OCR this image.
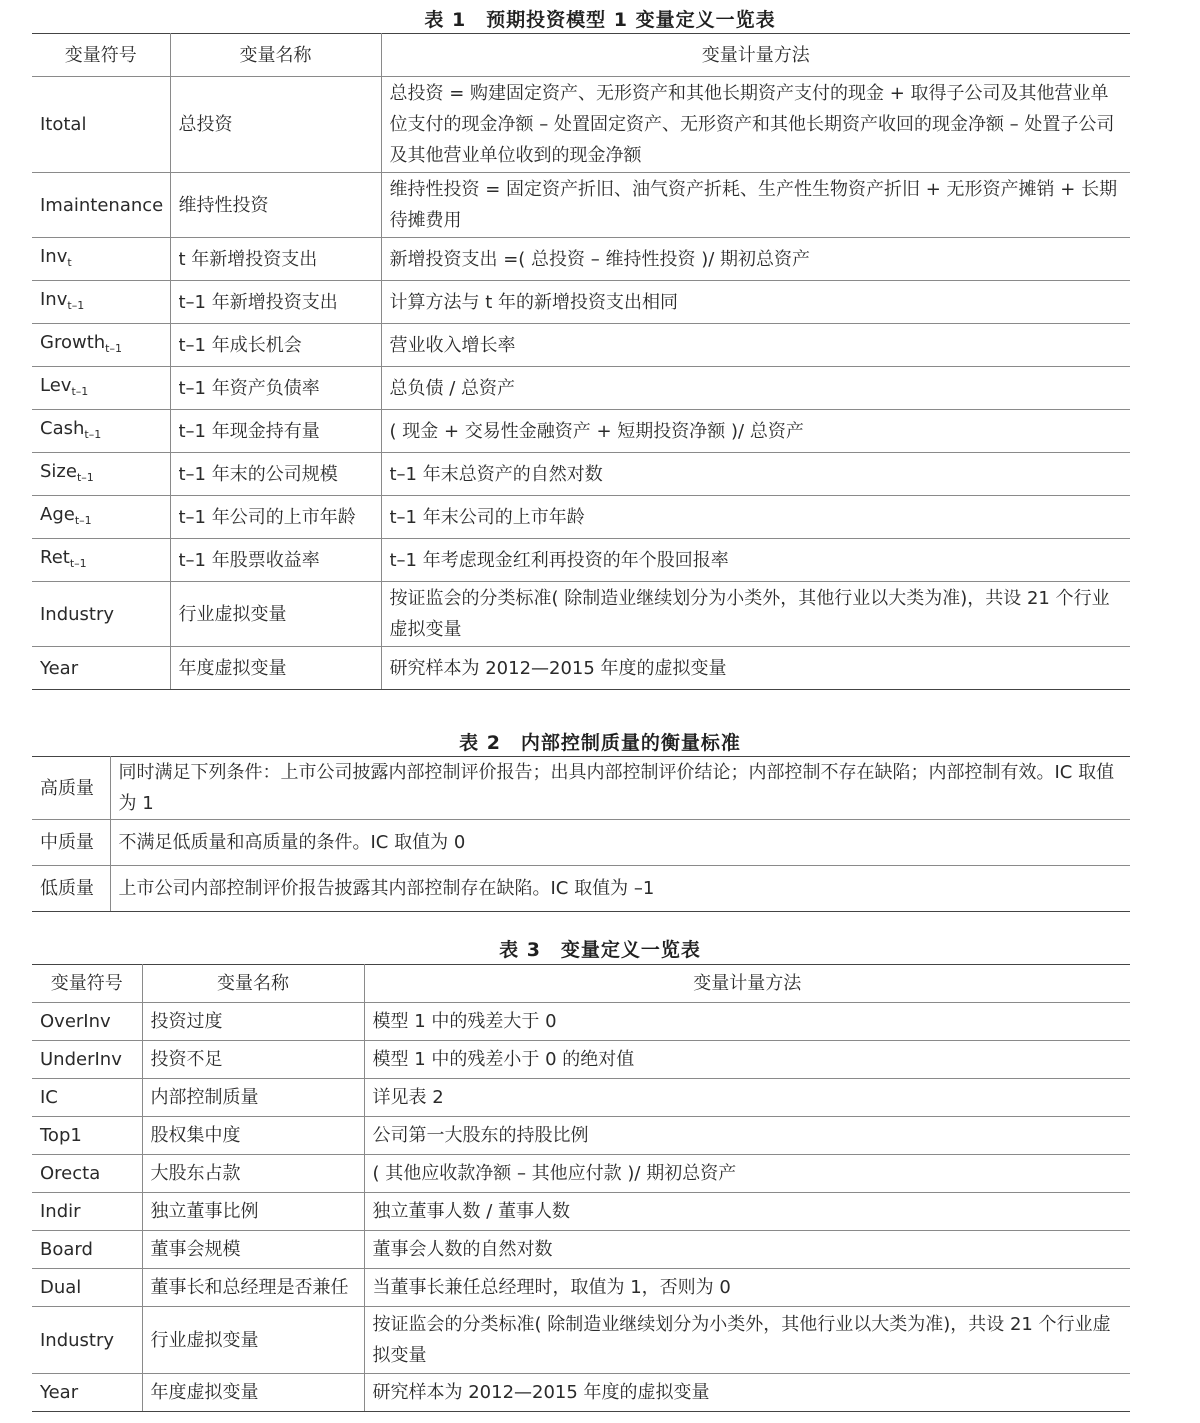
表 1　预期投资模型 1 变量定义一览表
变量符号	变量名称	变量计量方法
Itotal	总投资	总投资 = 购建固定资产、无形资产和其他长期资产支付的现金 + 取得子公司及其他营业单位支付的现金净额 – 处置固定资产、无形资产和其他长期资产收回的现金净额 – 处置子公司及其他营业单位收到的现金净额
Imaintenance	维持性投资	维持性投资 = 固定资产折旧、油气资产折耗、生产性生物资产折旧 + 无形资产摊销 + 长期待摊费用
Inv$_t$	t 年新增投资支出	新增投资支出 =( 总投资 – 维持性投资 )/ 期初总资产
Inv$_{t-1}$	t–1 年新增投资支出	计算方法与 t 年的新增投资支出相同
Growth$_{t-1}$	t–1 年成长机会	营业收入增长率
Lev$_{t-1}$	t–1 年资产负债率	总负债 / 总资产
Cash$_{t-1}$	t–1 年现金持有量	( 现金 + 交易性金融资产 + 短期投资净额 )/ 总资产
Size$_{t-1}$	t–1 年末的公司规模	t–1 年末总资产的自然对数
Age$_{t-1}$	t–1 年公司的上市年龄	t–1 年末公司的上市年龄
Ret$_{t-1}$	t–1 年股票收益率	t–1 年考虑现金红利再投资的年个股回报率
Industry	行业虚拟变量	按证监会的分类标准( 除制造业继续划分为小类外，其他行业以大类为准)，共设 21 个行业虚拟变量
Year	年度虚拟变量	研究样本为 2012—2015 年度的虚拟变量
表 2　内部控制质量的衡量标准
高质量	同时满足下列条件：上市公司披露内部控制评价报告；出具内部控制评价结论；内部控制不存在缺陷；内部控制有效。IC 取值为 1
中质量	不满足低质量和高质量的条件。IC 取值为 0
低质量	上市公司内部控制评价报告披露其内部控制存在缺陷。IC 取值为 –1
表 3　变量定义一览表
变量符号	变量名称	变量计量方法
OverInv	投资过度	模型 1 中的残差大于 0
UnderInv	投资不足	模型 1 中的残差小于 0 的绝对值
IC	内部控制质量	详见表 2
Top1	股权集中度	公司第一大股东的持股比例
Orecta	大股东占款	( 其他应收款净额 – 其他应付款 )/ 期初总资产
Indir	独立董事比例	独立董事人数 / 董事人数
Board	董事会规模	董事会人数的自然对数
Dual	董事长和总经理是否兼任	当董事长兼任总经理时，取值为 1，否则为 0
Industry	行业虚拟变量	按证监会的分类标准( 除制造业继续划分为小类外，其他行业以大类为准)，共设 21 个行业虚拟变量
Year	年度虚拟变量	研究样本为 2012—2015 年度的虚拟变量
